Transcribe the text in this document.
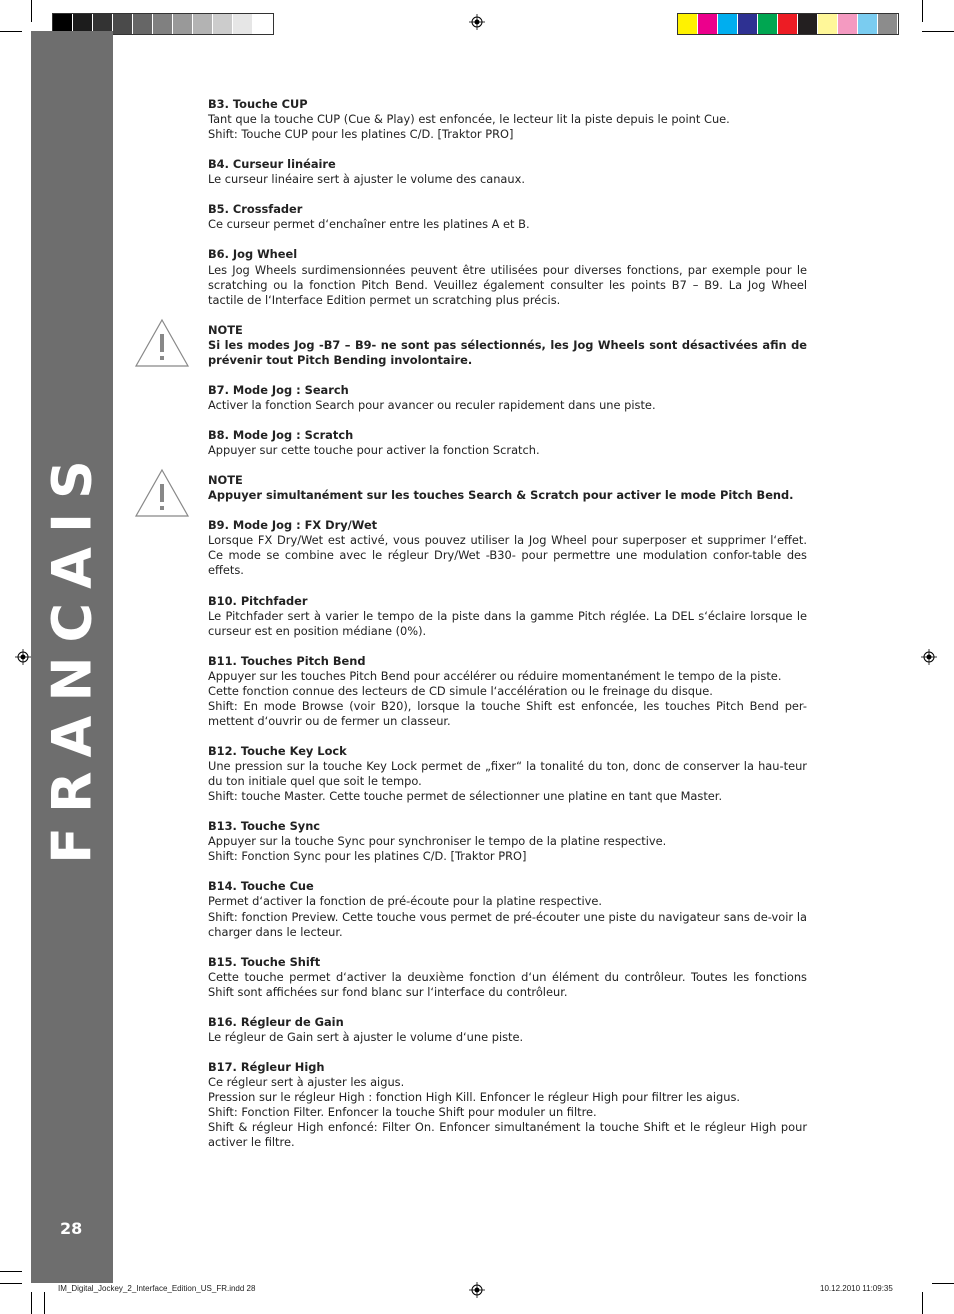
FRANCAIS
28
B3. Touche CUP
Tant que la touche CUP (Cue & Play) est enfoncée, le lecteur lit la piste depuis le point Cue.
Shift: Touche CUP pour les platines C/D. [Traktor PRO]
B4. Curseur linéaire
Le curseur linéaire sert à ajuster le volume des canaux.
B5. Crossfader
Ce curseur permet d‘enchaîner entre les platines A et B.
B6. Jog Wheel
Les Jog Wheels surdimensionnées peuvent être utilisées pour diverses fonctions, par exemple pour le scratching ou la fonction Pitch Bend. Veuillez également consulter les points B7 – B9. La Jog Wheel tactile de l‘Interface Edition permet un scratching plus précis.
NOTE
Si les modes Jog -B7 – B9- ne sont pas sélectionnés, les Jog Wheels sont désactivées afin de prévenir tout Pitch Bending involontaire.
B7. Mode Jog : Search
Activer la fonction Search pour avancer ou reculer rapidement dans une piste.
B8. Mode Jog : Scratch
Appuyer sur cette touche pour activer la fonction Scratch.
NOTE
Appuyer simultanément sur les touches Search & Scratch pour activer le mode Pitch Bend.
B9. Mode Jog : FX Dry/Wet
Lorsque FX Dry/Wet est activé, vous pouvez utiliser la Jog Wheel pour superposer et supprimer l‘effet. Ce mode se combine avec le régleur Dry/Wet -B30- pour permettre une modulation confor-table des effets.
B10. Pitchfader
Le Pitchfader sert à varier le tempo de la piste dans la gamme Pitch réglée. La DEL s‘éclaire lorsque le curseur est en position médiane (0%).
B11. Touches Pitch Bend
Appuyer sur les touches Pitch Bend pour accélérer ou réduire momentanément le tempo de la piste.
Cette fonction connue des lecteurs de CD simule l‘accélération ou le freinage du disque.
Shift: En mode Browse (voir B20), lorsque la touche Shift est enfoncée, les touches Pitch Bend per-mettent d‘ouvrir ou de fermer un classeur.
B12. Touche Key Lock
Une pression sur la touche Key Lock permet de „fixer“ la tonalité du ton, donc de conserver la hau-teur du ton initiale quel que soit le tempo.
Shift: touche Master. Cette touche permet de sélectionner une platine en tant que Master.
B13. Touche Sync
Appuyer sur la touche Sync pour synchroniser le tempo de la platine respective.
Shift: Fonction Sync pour les platines C/D. [Traktor PRO]
B14. Touche Cue
Permet d‘activer la fonction de pré-écoute pour la platine respective.
Shift: fonction Preview. Cette touche vous permet de pré-écouter une piste du navigateur sans de-voir la charger dans le lecteur.
B15. Touche Shift
Cette touche permet d‘activer la deuxième fonction d‘un élément du contrôleur. Toutes les fonctions Shift sont affichées sur fond blanc sur l‘interface du contrôleur.
B16. Régleur de Gain
Le régleur de Gain sert à ajuster le volume d‘une piste.
B17. Régleur High
Ce régleur sert à ajuster les aigus.
Pression sur le régleur High : fonction High Kill. Enfoncer le régleur High pour filtrer les aigus.
Shift: Fonction Filter. Enfoncer la touche Shift pour moduler un filtre.
Shift & régleur High enfoncé: Filter On. Enfoncer simultanément la touche Shift et le régleur High pour activer le filtre.
IM_Digital_Jockey_2_Interface_Edition_US_FR.indd 28	10.12.2010 11:09:35
